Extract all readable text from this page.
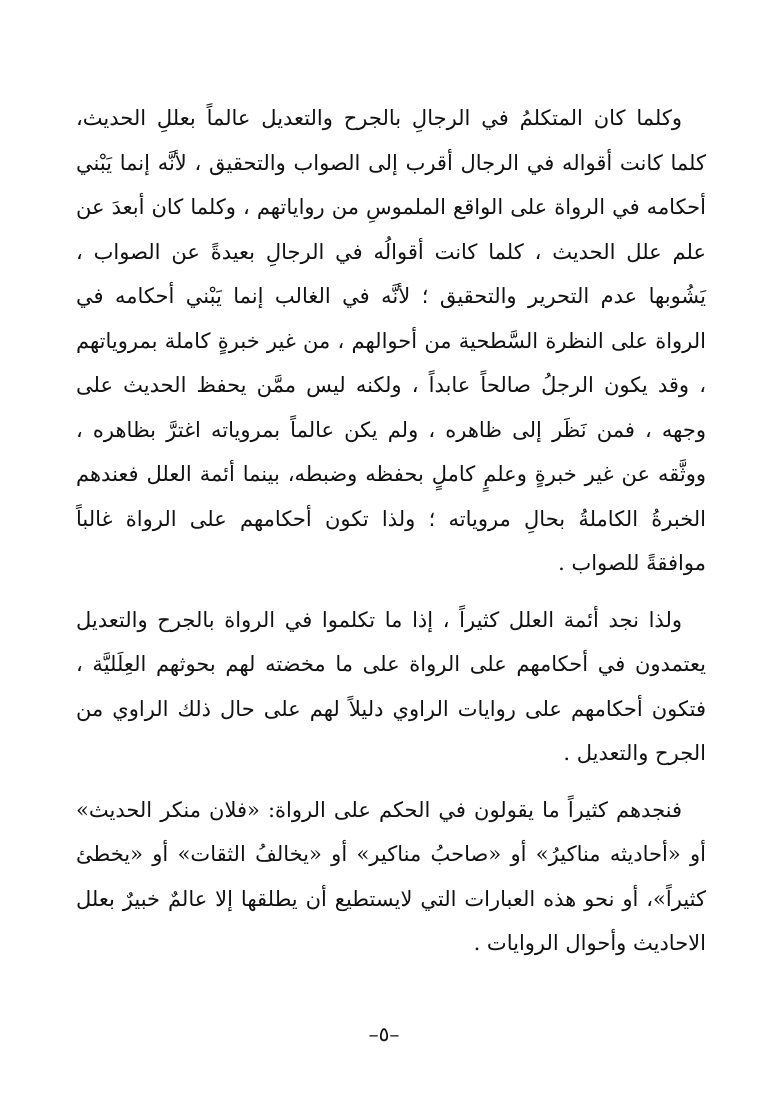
وكلما كان المتكلمُ في الرجالِ بالجرح والتعديل عالماً بعللِ الحديث، كلما كانت أقواله في الرجال أقرب إلى الصواب والتحقيق ، لأنَّه إنما يَبْني أحكامه في الرواة على الواقع الملموسِ من رواياتهم ، وكلما كان أبعدَ عن علم علل الحديث ، كلما كانت أقوالُه في الرجالِ بعيدةً عن الصواب ، يَشُوبها عدم التحرير والتحقيق ؛ لأنَّه في الغالب إنما يَبْني أحكامه في الرواة على النظرة السَّطحية من أحوالهم ، من غير خبرةٍ كاملة بمروياتهم ، وقد يكون الرجلُ صالحاً عابداً ، ولكنه ليس ممَّن يحفظ الحديث على وجهه ، فمن نَظَر إلى ظاهره ، ولم يكن عالماً بمروياته اغترَّ بظاهره ، ووثَّقه عن غير خبرةٍ وعلمٍ كاملٍ بحفظه وضبطه، بينما أئمة العلل فعندهم الخبرةُ الكاملةُ بحالِ مروياته ؛ ولذا تكون أحكامهم على الرواة غالباً موافقةً للصواب .

ولذا نجد أئمة العلل كثيراً ، إذا ما تكلموا في الرواة بالجرح والتعديل يعتمدون في أحكامهم على الرواة على ما مخضته لهم بحوثهم العِلَليَّة ، فتكون أحكامهم على روايات الراوي دليلاً لهم على حال ذلك الراوي من الجرح والتعديل .

فنجدهم كثيراً ما يقولون في الحكم على الرواة: «فلان منكر الحديث» أو «أحاديثه مناكيرُ» أو «صاحبُ مناكير» أو «يخالفُ الثقات» أو «يخطئ كثيراً»، أو نحو هذه العبارات التي لايستطيع أن يطلقها إلا عالمٌ خبيرٌ بعلل الاحاديث وأحوال الروايات .

–٥–
